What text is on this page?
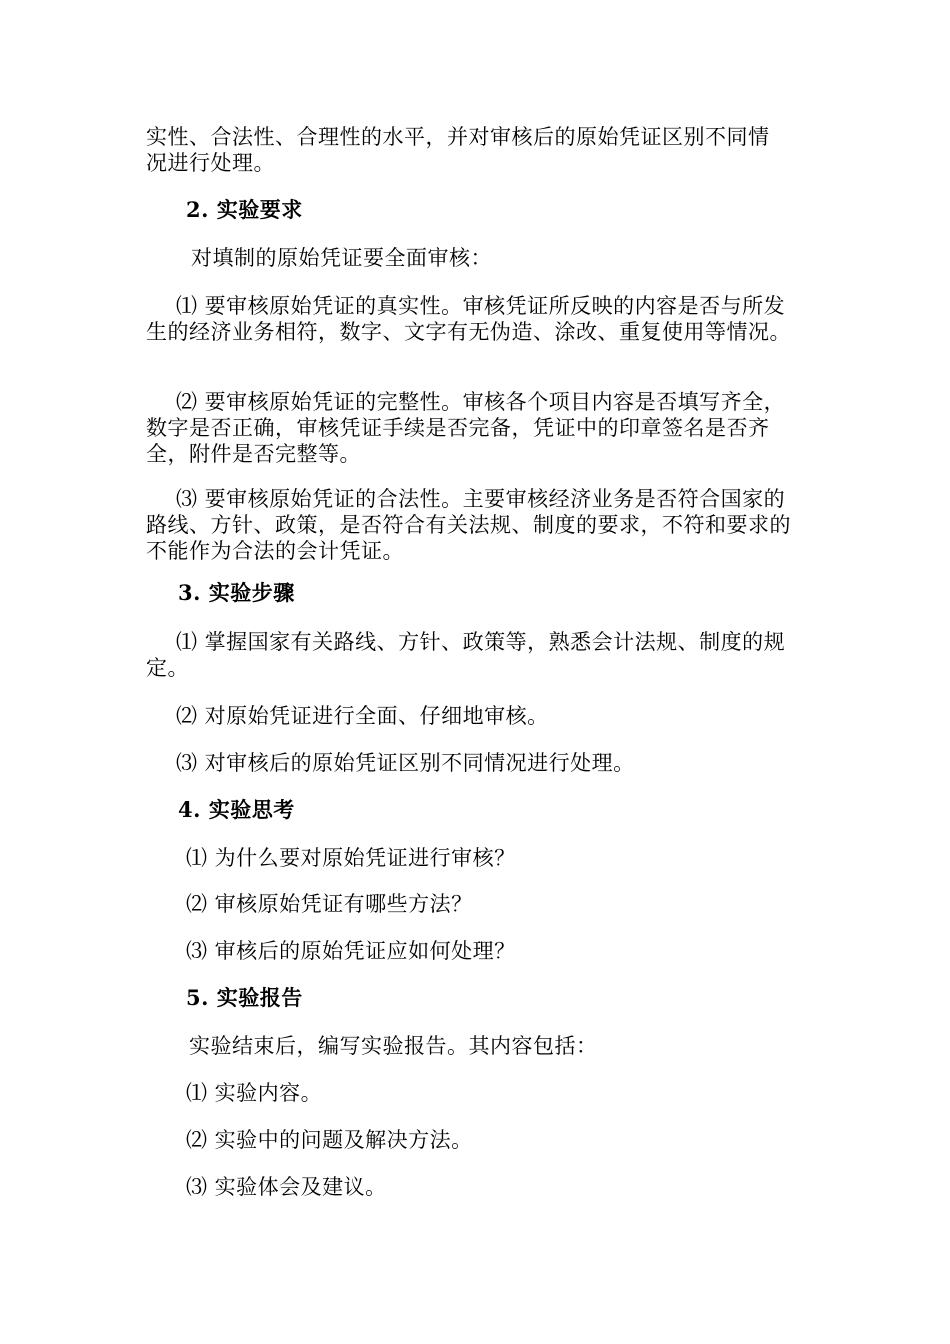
实性、合法性、合理性的水平，并对审核后的原始凭证区别不同情
况进行处理。
2. 实验要求
对填制的原始凭证要全面审核：
⑴ 要审核原始凭证的真实性。审核凭证所反映的内容是否与所发生的经济业务相符，数字、文字有无伪造、涂改、重复使用等情况。
⑵ 要审核原始凭证的完整性。审核各个项目内容是否填写齐全，数字是否正确，审核凭证手续是否完备，凭证中的印章签名是否齐全，附件是否完整等。
⑶ 要审核原始凭证的合法性。主要审核经济业务是否符合国家的路线、方针、政策，是否符合有关法规、制度的要求，不符和要求的不能作为合法的会计凭证。
3. 实验步骤
⑴ 掌握国家有关路线、方针、政策等，熟悉会计法规、制度的规定。
⑵ 对原始凭证进行全面、仔细地审核。
⑶ 对审核后的原始凭证区别不同情况进行处理。
4. 实验思考
⑴ 为什么要对原始凭证进行审核？
⑵ 审核原始凭证有哪些方法？
⑶ 审核后的原始凭证应如何处理？
5. 实验报告
实验结束后，编写实验报告。其内容包括：
⑴ 实验内容。
⑵ 实验中的问题及解决方法。
⑶ 实验体会及建议。
